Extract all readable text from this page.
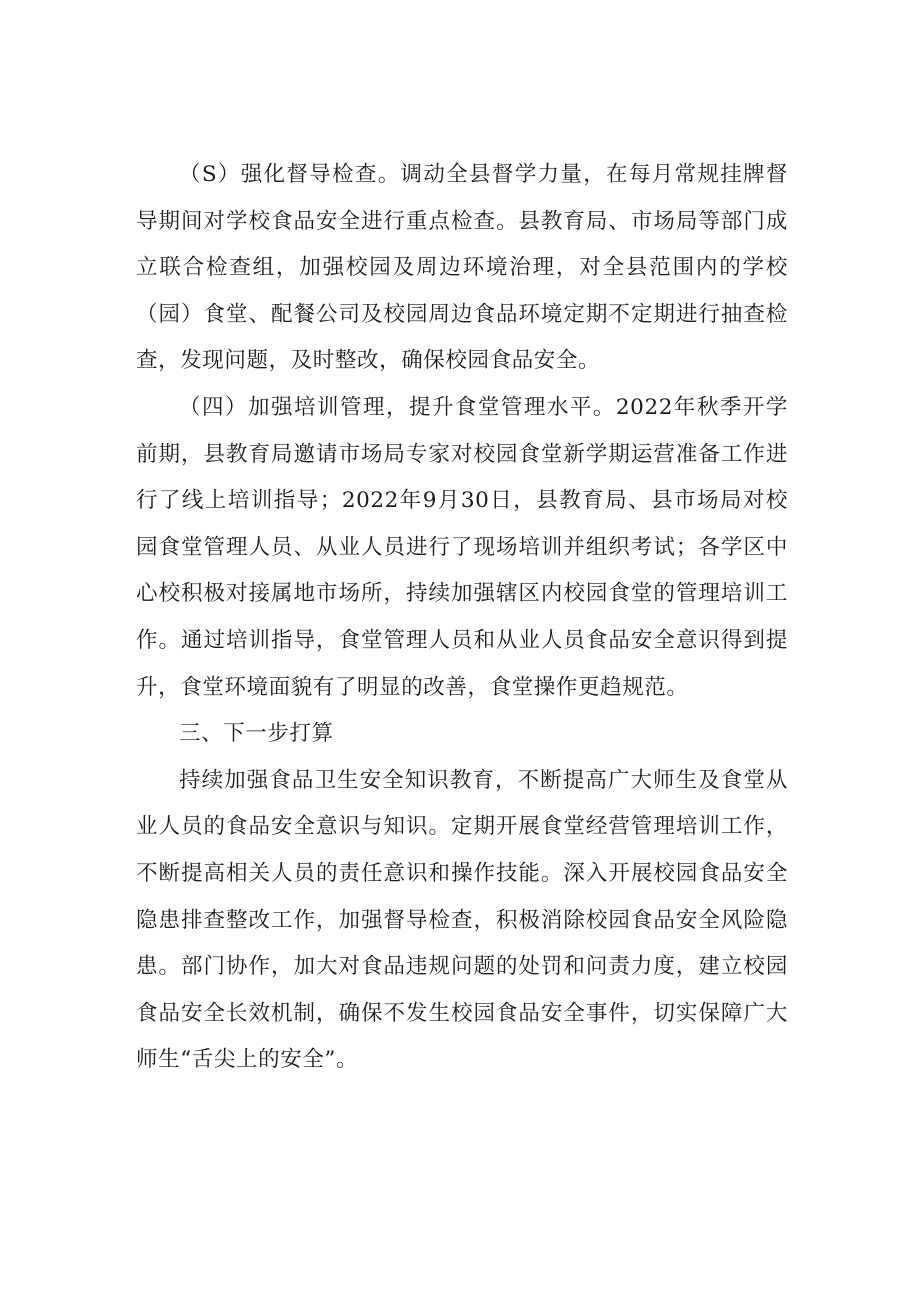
（S）强化督导检查。调动全县督学力量，在每月常规挂牌督导期间对学校食品安全进行重点检查。县教育局、市场局等部门成立联合检查组，加强校园及周边环境治理，对全县范围内的学校（园）食堂、配餐公司及校园周边食品环境定期不定期进行抽查检查，发现问题，及时整改，确保校园食品安全。

（四）加强培训管理，提升食堂管理水平。2022年秋季开学前期，县教育局邀请市场局专家对校园食堂新学期运营准备工作进行了线上培训指导；2022年9月30日，县教育局、县市场局对校园食堂管理人员、从业人员进行了现场培训并组织考试；各学区中心校积极对接属地市场所，持续加强辖区内校园食堂的管理培训工作。通过培训指导，食堂管理人员和从业人员食品安全意识得到提升，食堂环境面貌有了明显的改善，食堂操作更趋规范。

三、下一步打算

持续加强食品卫生安全知识教育，不断提高广大师生及食堂从业人员的食品安全意识与知识。定期开展食堂经营管理培训工作，不断提高相关人员的责任意识和操作技能。深入开展校园食品安全隐患排查整改工作，加强督导检查，积极消除校园食品安全风险隐患。部门协作，加大对食品违规问题的处罚和问责力度，建立校园食品安全长效机制，确保不发生校园食品安全事件，切实保障广大师生“舌尖上的安全”。
